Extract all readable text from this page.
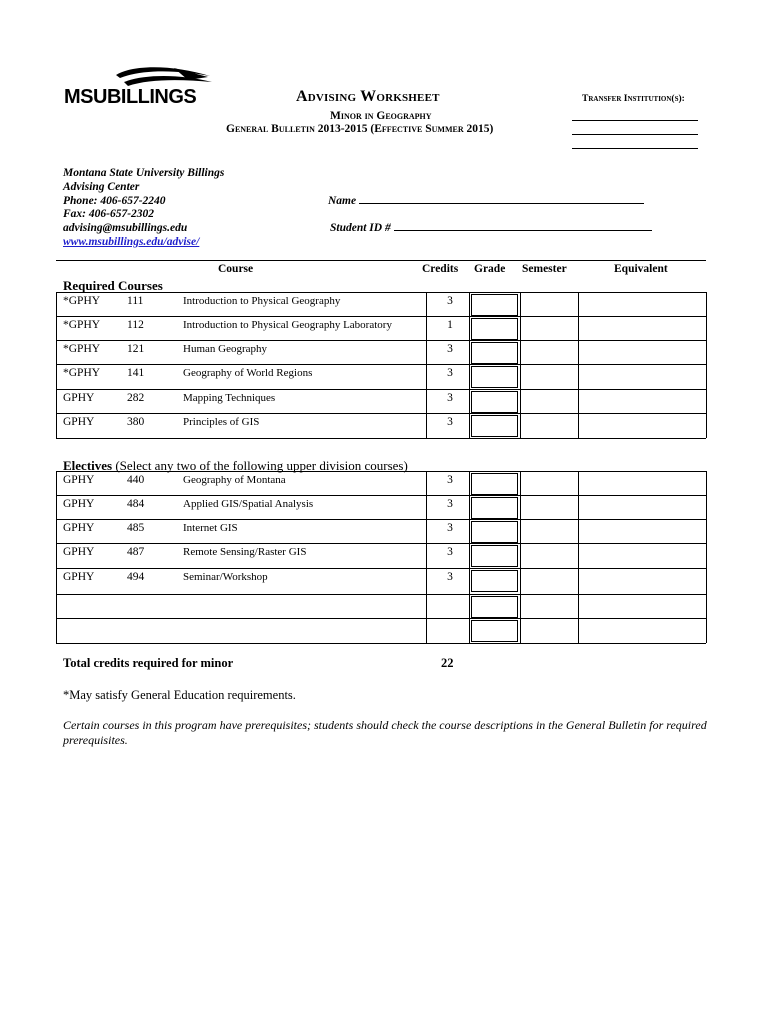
MSUBILLINGS	Advising Worksheet
Minor in Geography
General Bulletin 2013-2015 (Effective Summer 2015)
Transfer Institution(s):
Montana State University Billings
Advising Center
Phone: 406-657-2240
Fax: 406-657-2302
advising@msubillings.edu
www.msubillings.edu/advise/
Name
Student ID #
Course	Credits Grade Semester	Equivalent
Required Courses
*GPHY 111	Introduction to Physical Geography	3
*GPHY 112	Introduction to Physical Geography Laboratory	1
*GPHY 121	Human Geography	3
*GPHY 141	Geography of World Regions	3
GPHY	282	Mapping Techniques	3
GPHY	380	Principles of GIS	3
Electives (Select any two of the following upper division courses)
GPHY	440	Geography of Montana	3
GPHY	484	Applied GIS/Spatial Analysis	3
GPHY	485	Internet GIS	3
GPHY	487	Remote Sensing/Raster GIS	3
GPHY	494	Seminar/Workshop	3
Total credits required for minor	22
*May satisfy General Education requirements.
Certain courses in this program have prerequisites; students should check the course descriptions in the General Bulletin for required prerequisites.
